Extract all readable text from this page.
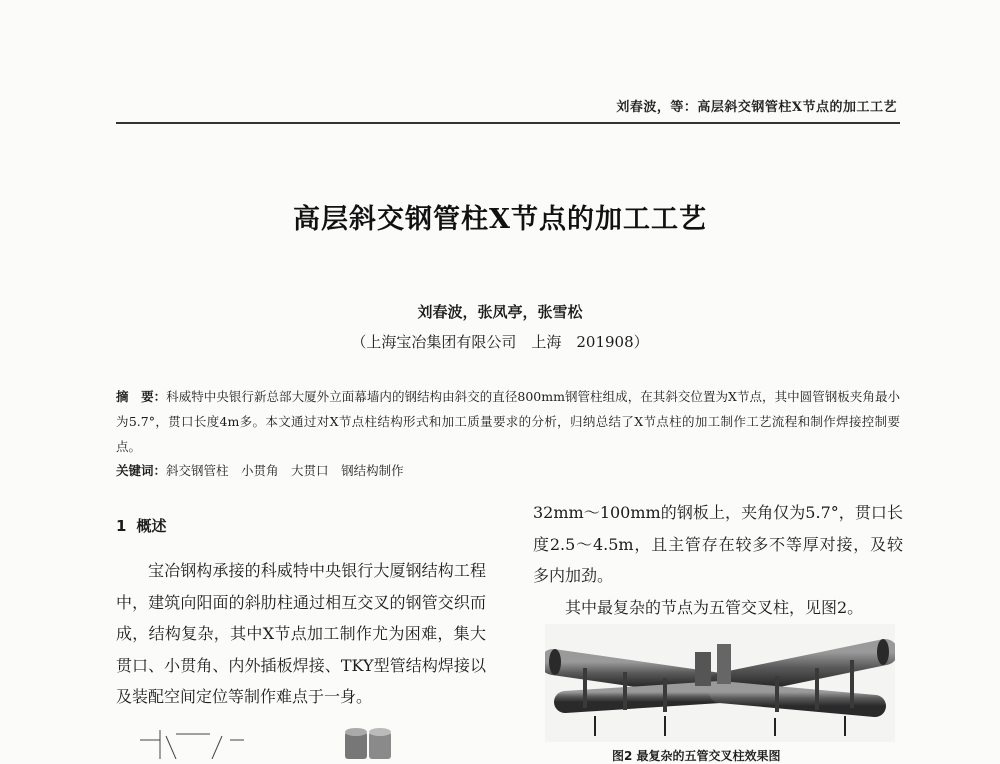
刘春波，等：高层斜交钢管柱X节点的加工工艺
高层斜交钢管柱X节点的加工工艺
刘春波，张凤亭，张雪松
（上海宝冶集团有限公司　上海　201908）
摘　要：科威特中央银行新总部大厦外立面幕墙内的钢结构由斜交的直径800mm钢管柱组成，在其斜交位置为X节点，其中圆管钢板夹角最小为5.7°，贯口长度4m多。本文通过对X节点柱结构形式和加工质量要求的分析，归纳总结了X节点柱的加工制作工艺流程和制作焊接控制要点。
关键词：斜交钢管柱  小贯角  大贯口  钢结构制作
1 概述

宝冶钢构承接的科威特中央银行大厦钢结构工程中，建筑向阳面的斜肋柱通过相互交叉的钢管交织而成，结构复杂，其中X节点加工制作尤为困难，集大贯口、小贯角、内外插板焊接、TKY型管结构焊接以及装配空间定位等制作难点于一身。

32mm～100mm的钢板上，夹角仅为5.7°，贯口长度2.5～4.5m，且主管存在较多不等厚对接，及较多内加劲。

其中最复杂的节点为五管交叉柱，见图2。

图2 最复杂的五管交叉柱效果图
